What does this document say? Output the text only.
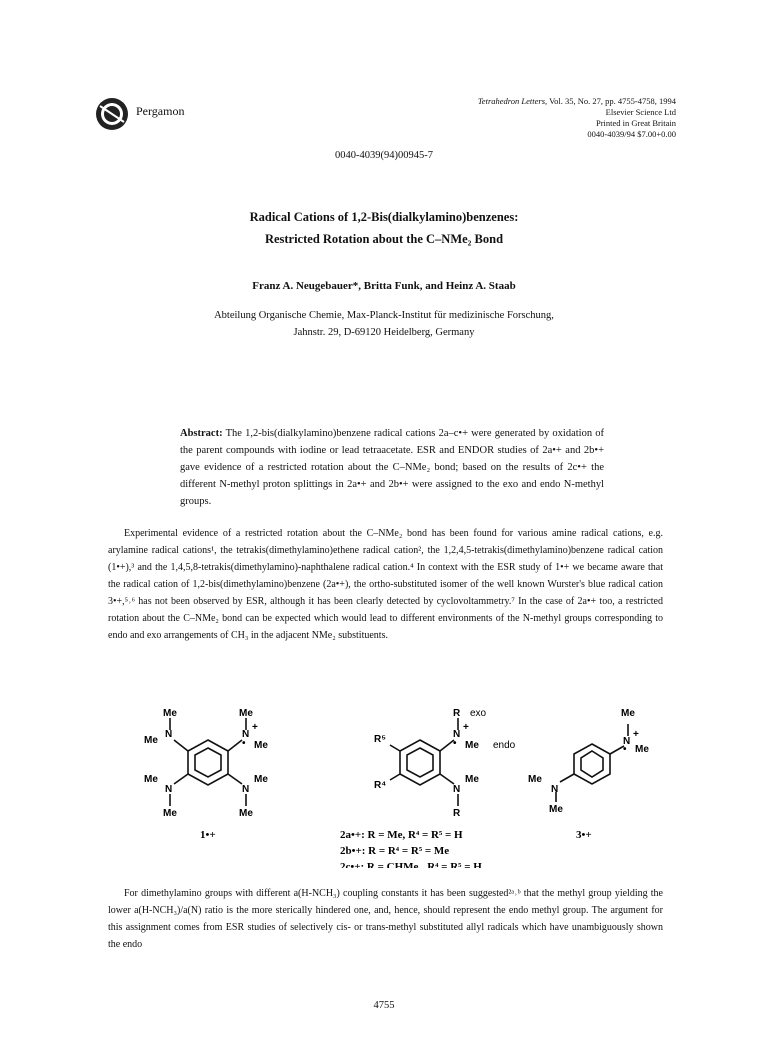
Pergamon
Tetrahedron Letters, Vol. 35, No. 27, pp. 4755-4758, 1994
Elsevier Science Ltd
Printed in Great Britain
0040-4039/94 $7.00+0.00
0040-4039(94)00945-7
Radical Cations of 1,2-Bis(dialkylamino)benzenes:
Restricted Rotation about the C–NMe₂ Bond
Franz A. Neugebauer*, Britta Funk, and Heinz A. Staab
Abteilung Organische Chemie, Max-Planck-Institut für medizinische Forschung,
Jahnstr. 29, D-69120 Heidelberg, Germany
Abstract: The 1,2-bis(dialkylamino)benzene radical cations 2a–c•+ were generated by oxidation of the parent compounds with iodine or lead tetraacetate. ESR and ENDOR studies of 2a•+ and 2b•+ gave evidence of a restricted rotation about the C–NMe₂ bond; based on the results of 2c•+ the different N-methyl proton splittings in 2a•+ and 2b•+ were assigned to the exo and endo N-methyl groups.
Experimental evidence of a restricted rotation about the C–NMe₂ bond has been found for various amine radical cations, e.g. arylamine radical cations¹, the tetrakis(dimethylamino)ethene radical cation², the 1,2,4,5-tetrakis(dimethylamino)benzene radical cation (1•+),³ and the 1,4,5,8-tetrakis(dimethylamino)-naphthalene radical cation.⁴ In context with the ESR study of 1•+ we became aware that the radical cation of 1,2-bis(dimethylamino)benzene (2a•+), the ortho-substituted isomer of the well known Wurster's blue radical cation 3•+,⁵˒⁶ has not been observed by ESR, although it has been clearly detected by cyclovoltammetry.⁷ In the case of 2a•+ too, a restricted rotation about the C–NMe₂ bond can be expected which would lead to different environments of the N-methyl groups corresponding to endo and exo arrangements of CH₃ in the adjacent NMe₂ substituents.
Me	Me
N
Me
N
+
• Me
Me
N	N
Me
Me	Me
1•+
R exo
N
+
• Me endo
R⁵
R⁴	N
Me
R
2a•+: R = Me, R⁴ = R⁵ = H
2b•+: R = R⁴ = R⁵ = Me
2c•+: R = CHMe₂, R⁴ = R⁵ = H
Me
N
+
• Me
Me
N
Me
3•+
For dimethylamino groups with different a(H-NCH₃) coupling constants it has been suggested²ᵃ˒ᵇ that the methyl group yielding the lower a(H-NCH₃)/a(N) ratio is the more sterically hindered one, and, hence, should represent the endo methyl group. The argument for this assignment comes from ESR studies of selectively cis- or trans-methyl substituted allyl radicals which have unambiguously shown the endo
4755
